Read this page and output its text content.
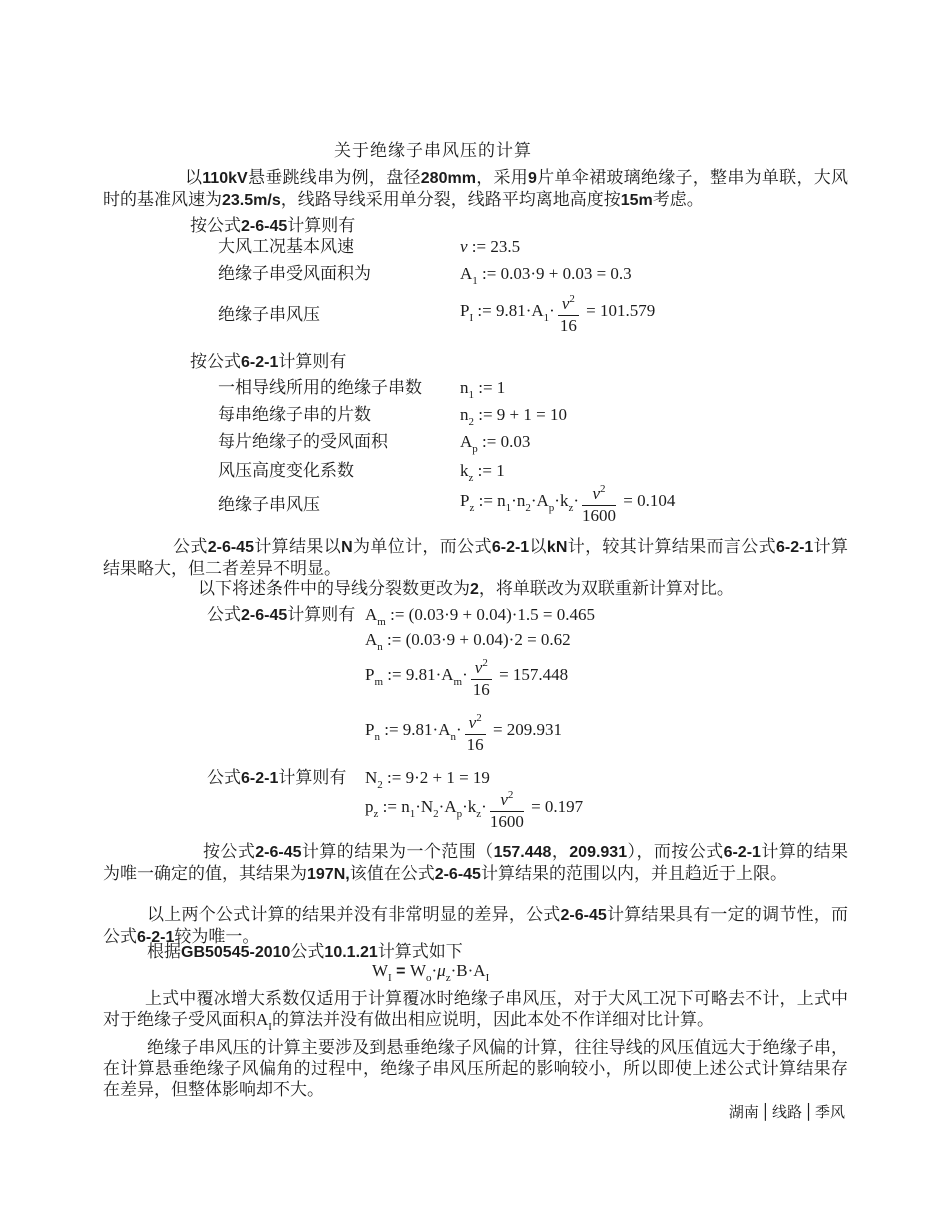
关于绝缘子串风压的计算
以110kV悬垂跳线串为例，盘径280mm，采用9片单伞裙玻璃绝缘子，整串为单联，大风时的基准风速为23.5m/s，线路导线采用单分裂，线路平均离地高度按15m考虑。
按公式2-6-45计算则有
大风工况基本风速	ν := 23.5
绝缘子串受风面积为	$A_1$ := 0.03·9 + 0.03 = 0.3
绝缘子串风压	$P_I$ := $9.81\cdot A_1\cdot \frac{\nu^2}{16} = 101.579$
按公式6-2-1计算则有
一相导线所用的绝缘子串数	$n_1$ := 1
每串绝缘子串的片数	$n_2$ := 9 + 1 = 10
每片绝缘子的受风面积	$A_p$ := 0.03
风压高度变化系数	$k_z$ := 1
绝缘子串风压	$P_z$ := $n_1\cdot n_2\cdot A_p\cdot k_z\cdot \frac{\nu^2}{1600} = 0.104$
公式2-6-45计算结果以N为单位计，而公式6-2-1以kN计，较其计算结果而言公式6-2-1计算结果略大，但二者差异不明显。
以下将述条件中的导线分裂数更改为2，将单联改为双联重新计算对比。
公式2-6-45计算则有 $A_m$ := (0.03·9 + 0.04)·1.5 = 0.465
$A_n$ := (0.03·9 + 0.04)·2 = 0.62
$P_m$ := $9.81\cdot A_m\cdot \frac{\nu^2}{16} = 157.448$
$P_n$ := $9.81\cdot A_n\cdot \frac{\nu^2}{16} = 209.931$
公式6-2-1计算则有	$N_2$ := 9·2 + 1 = 19
$p_z$ := $n_1\cdot N_2\cdot A_p\cdot k_z\cdot \frac{\nu^2}{1600} = 0.197$
按公式2-6-45计算的结果为一个范围（157.448，209.931），而按公式6-2-1计算的结果为唯一确定的值，其结果为197N,该值在公式2-6-45计算结果的范围以内，并且趋近于上限。
以上两个公式计算的结果并没有非常明显的差异，公式2-6-45计算结果具有一定的调节性，而公式6-2-1较为唯一。
根据GB50545-2010公式10.1.21计算式如下
$W_I = W_o\cdot\mu_z\cdot B\cdot A_I$
上式中覆冰增大系数仅适用于计算覆冰时绝缘子串风压，对于大风工况下可略去不计，上式中对于绝缘子受风面积$A_I$的算法并没有做出相应说明，因此本处不作详细对比计算。
绝缘子串风压的计算主要涉及到悬垂绝缘子风偏的计算，往往导线的风压值远大于绝缘子串，在计算悬垂绝缘子风偏角的过程中，绝缘子串风压所起的影响较小，所以即使上述公式计算结果存在差异，但整体影响却不大。
湖南 │ 线路 │ 季风
